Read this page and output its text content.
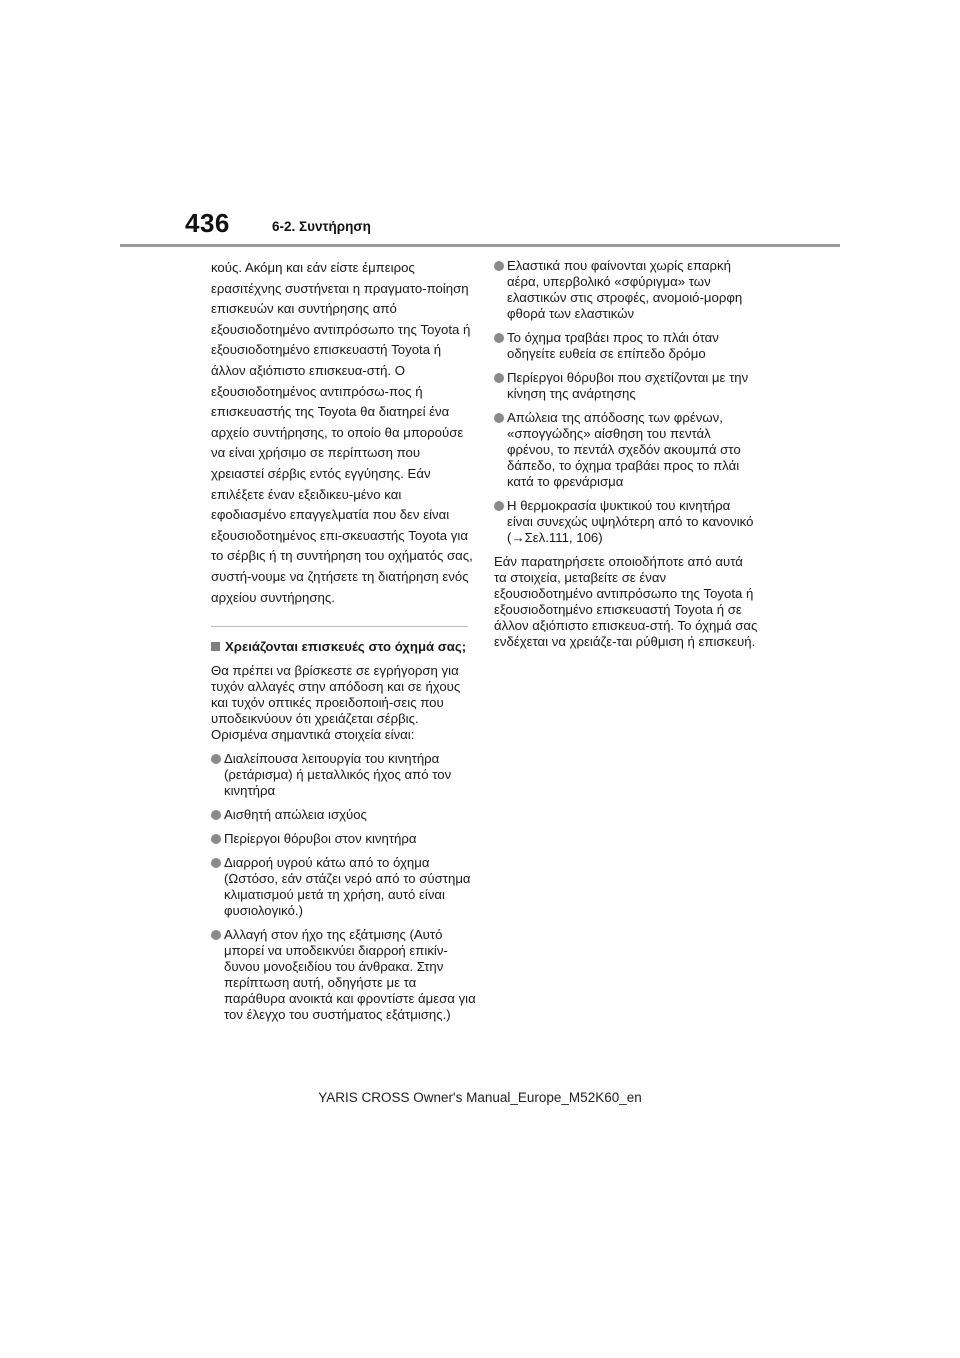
436	6-2. Συντήρηση

κούς. Ακόμη και εάν είστε έμπειρος ερασιτέχνης συστήνεται η πραγματο-ποίηση επισκευών και συντήρησης από εξουσιοδοτημένο αντιπρόσωπο της Toyota ή εξουσιοδοτημένο επισκευαστή Toyota ή άλλον αξιόπιστο επισκευα-στή. Ο εξουσιοδοτημένος αντιπρόσω-πος ή επισκευαστής της Toyota θα διατηρεί ένα αρχείο συντήρησης, το οποίο θα μπορούσε να είναι χρήσιμο σε περίπτωση που χρειαστεί σέρβις εντός εγγύησης. Εάν επιλέξετε έναν εξειδικευ-μένο και εφοδιασμένο επαγγελματία που δεν είναι εξουσιοδοτημένος επι-σκευαστής Toyota για το σέρβις ή τη συντήρηση του οχήματός σας, συστή-νουμε να ζητήσετε τη διατήρηση ενός αρχείου συντήρησης.

Χρειάζονται επισκευές στο όχημά σας;

Θα πρέπει να βρίσκεστε σε εγρήγορση για τυχόν αλλαγές στην απόδοση και σε ήχους και τυχόν οπτικές προειδοποιή-σεις που υποδεικνύουν ότι χρειάζεται σέρβις. Ορισμένα σημαντικά στοιχεία είναι:

Διαλείπουσα λειτουργία του κινητήρα (ρετάρισμα) ή μεταλλικός ήχος από τον κινητήρα
Αισθητή απώλεια ισχύος
Περίεργοι θόρυβοι στον κινητήρα
Διαρροή υγρού κάτω από το όχημα (Ωστόσο, εάν στάζει νερό από το σύστημα κλιματισμού μετά τη χρήση, αυτό είναι φυσιολογικό.)
Αλλαγή στον ήχο της εξάτμισης (Αυτό μπορεί να υποδεικνύει διαρροή επικίν-δυνου μονοξειδίου του άνθρακα. Στην περίπτωση αυτή, οδηγήστε με τα παράθυρα ανοικτά και φροντίστε άμεσα για τον έλεγχο του συστήματος εξάτμισης.)
Ελαστικά που φαίνονται χωρίς επαρκή αέρα, υπερβολικό «σφύριγμα» των ελαστικών στις στροφές, ανομοιό-μορφη φθορά των ελαστικών
Το όχημα τραβάει προς το πλάι όταν οδηγείτε ευθεία σε επίπεδο δρόμο
Περίεργοι θόρυβοι που σχετίζονται με την κίνηση της ανάρτησης
Απώλεια της απόδοσης των φρένων, «σπογγώδης» αίσθηση του πεντάλ φρένου, το πεντάλ σχεδόν ακουμπά στο δάπεδο, το όχημα τραβάει προς το πλάι κατά το φρενάρισμα
Η θερμοκρασία ψυκτικού του κινητήρα είναι συνεχώς υψηλότερη από το κανονικό (→Σελ.111, 106)

Εάν παρατηρήσετε οποιοδήποτε από αυτά τα στοιχεία, μεταβείτε σε έναν εξουσιοδοτημένο αντιπρόσωπο της Toyota ή εξουσιοδοτημένο επισκευαστή Toyota ή σε άλλον αξιόπιστο επισκευα-στή. Το όχημά σας ενδέχεται να χρειάζε-ται ρύθμιση ή επισκευή.

YARIS CROSS Owner's Manual_Europe_M52K60_en
